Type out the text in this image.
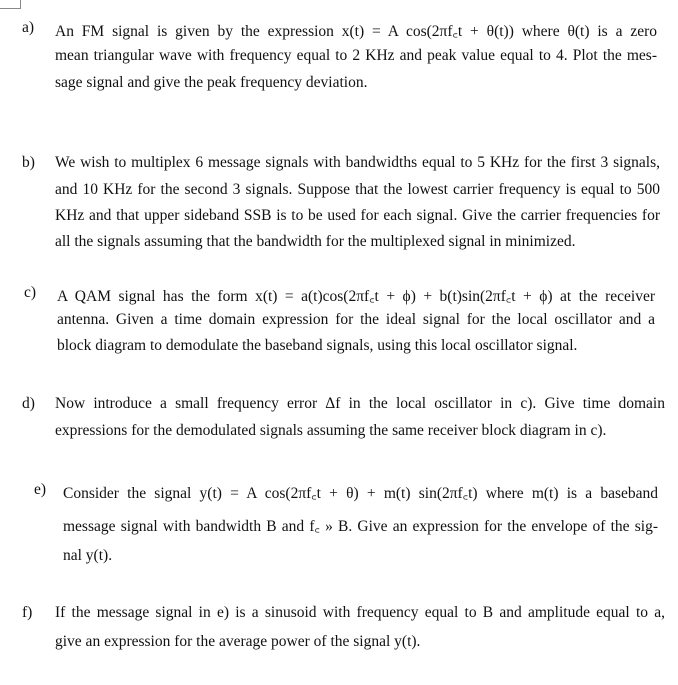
a) An FM signal is given by the expression x(t) = A cos(2πf꜀t + θ(t)) where θ(t) is a zero
mean triangular wave with frequency equal to 2 KHz and peak value equal to 4. Plot the mes-
sage signal and give the peak frequency deviation.
b) We wish to multiplex 6 message signals with bandwidths equal to 5 KHz for the first 3 signals,
and 10 KHz for the second 3 signals. Suppose that the lowest carrier frequency is equal to 500
KHz and that upper sideband SSB is to be used for each signal. Give the carrier frequencies for
all the signals assuming that the bandwidth for the multiplexed signal in minimized.
c) A QAM signal has the form x(t) = a(t)cos(2πf꜀t + ϕ) + b(t)sin(2πf꜀t + ϕ) at the receiver
antenna. Given a time domain expression for the ideal signal for the local oscillator and a
block diagram to demodulate the baseband signals, using this local oscillator signal.
d) Now introduce a small frequency error Δf in the local oscillator in c). Give time domain
expressions for the demodulated signals assuming the same receiver block diagram in c).
e) Consider the signal y(t) = A cos(2πf꜀t + θ) + m(t) sin(2πf꜀t) where m(t) is a baseband
message signal with bandwidth B and f꜀ » B. Give an expression for the envelope of the sig-
nal y(t).
f) If the message signal in e) is a sinusoid with frequency equal to B and amplitude equal to a,
give an expression for the average power of the signal y(t).
